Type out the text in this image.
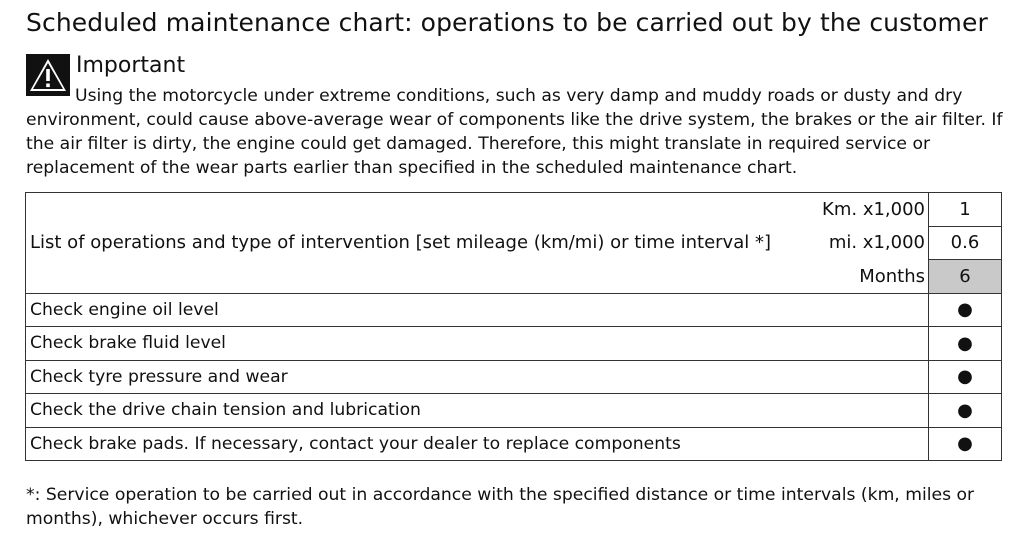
Scheduled maintenance chart: operations to be carried out by the customer
Important

Using the motorcycle under extreme conditions, such as very damp and muddy roads or dusty and dry environment, could cause above-average wear of components like the drive system, the brakes or the air filter. If the air filter is dirty, the engine could get damaged. Therefore, this might translate in required service or replacement of the wear parts earlier than specified in the scheduled maintenance chart.

List of operations and type of intervention [set mileage (km/mi) or time interval *]	Km. x1,000	1
	mi. x1,000	0.6
	Months	6
Check engine oil level		●
Check brake fluid level		●
Check tyre pressure and wear		●
Check the drive chain tension and lubrication		●
Check brake pads. If necessary, contact your dealer to replace components		●

*: Service operation to be carried out in accordance with the specified distance or time intervals (km, miles or months), whichever occurs first.
